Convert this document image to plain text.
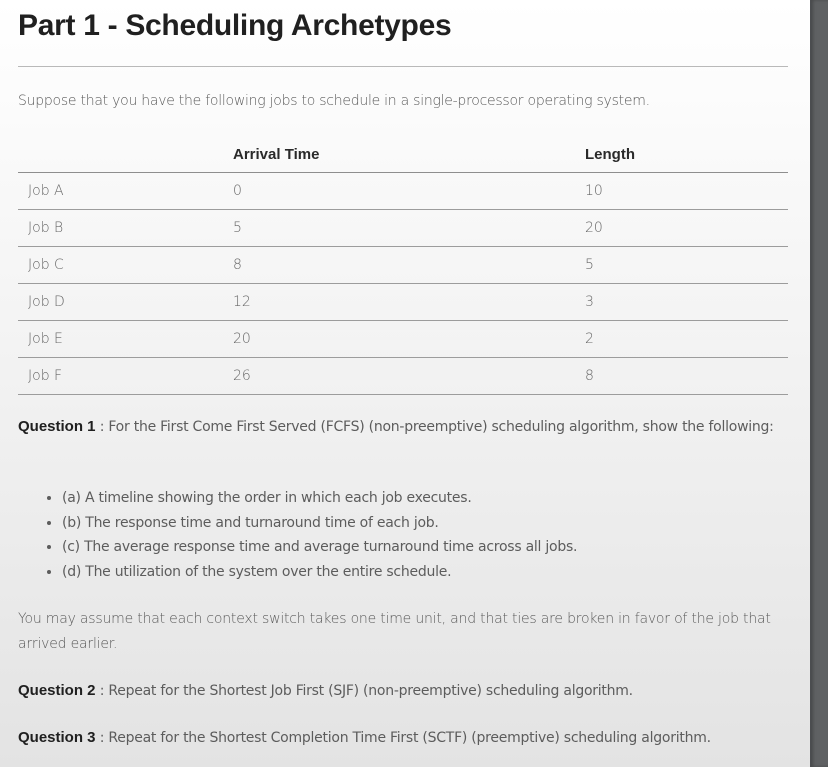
Part 1 - Scheduling Archetypes
Suppose that you have the following jobs to schedule in a single-processor operating system.
	Arrival Time	Length
Job A	0	10
Job B	5	20
Job C	8	5
Job D	12	3
Job E	20	2
Job F	26	8
Question 1 : For the First Come First Served (FCFS) (non-preemptive) scheduling algorithm, show the following:
• (a) A timeline showing the order in which each job executes.
• (b) The response time and turnaround time of each job.
• (c) The average response time and average turnaround time across all jobs.
• (d) The utilization of the system over the entire schedule.
You may assume that each context switch takes one time unit, and that ties are broken in favor of the job that arrived earlier.
Question 2 : Repeat for the Shortest Job First (SJF) (non-preemptive) scheduling algorithm.
Question 3 : Repeat for the Shortest Completion Time First (SCTF) (preemptive) scheduling algorithm.
